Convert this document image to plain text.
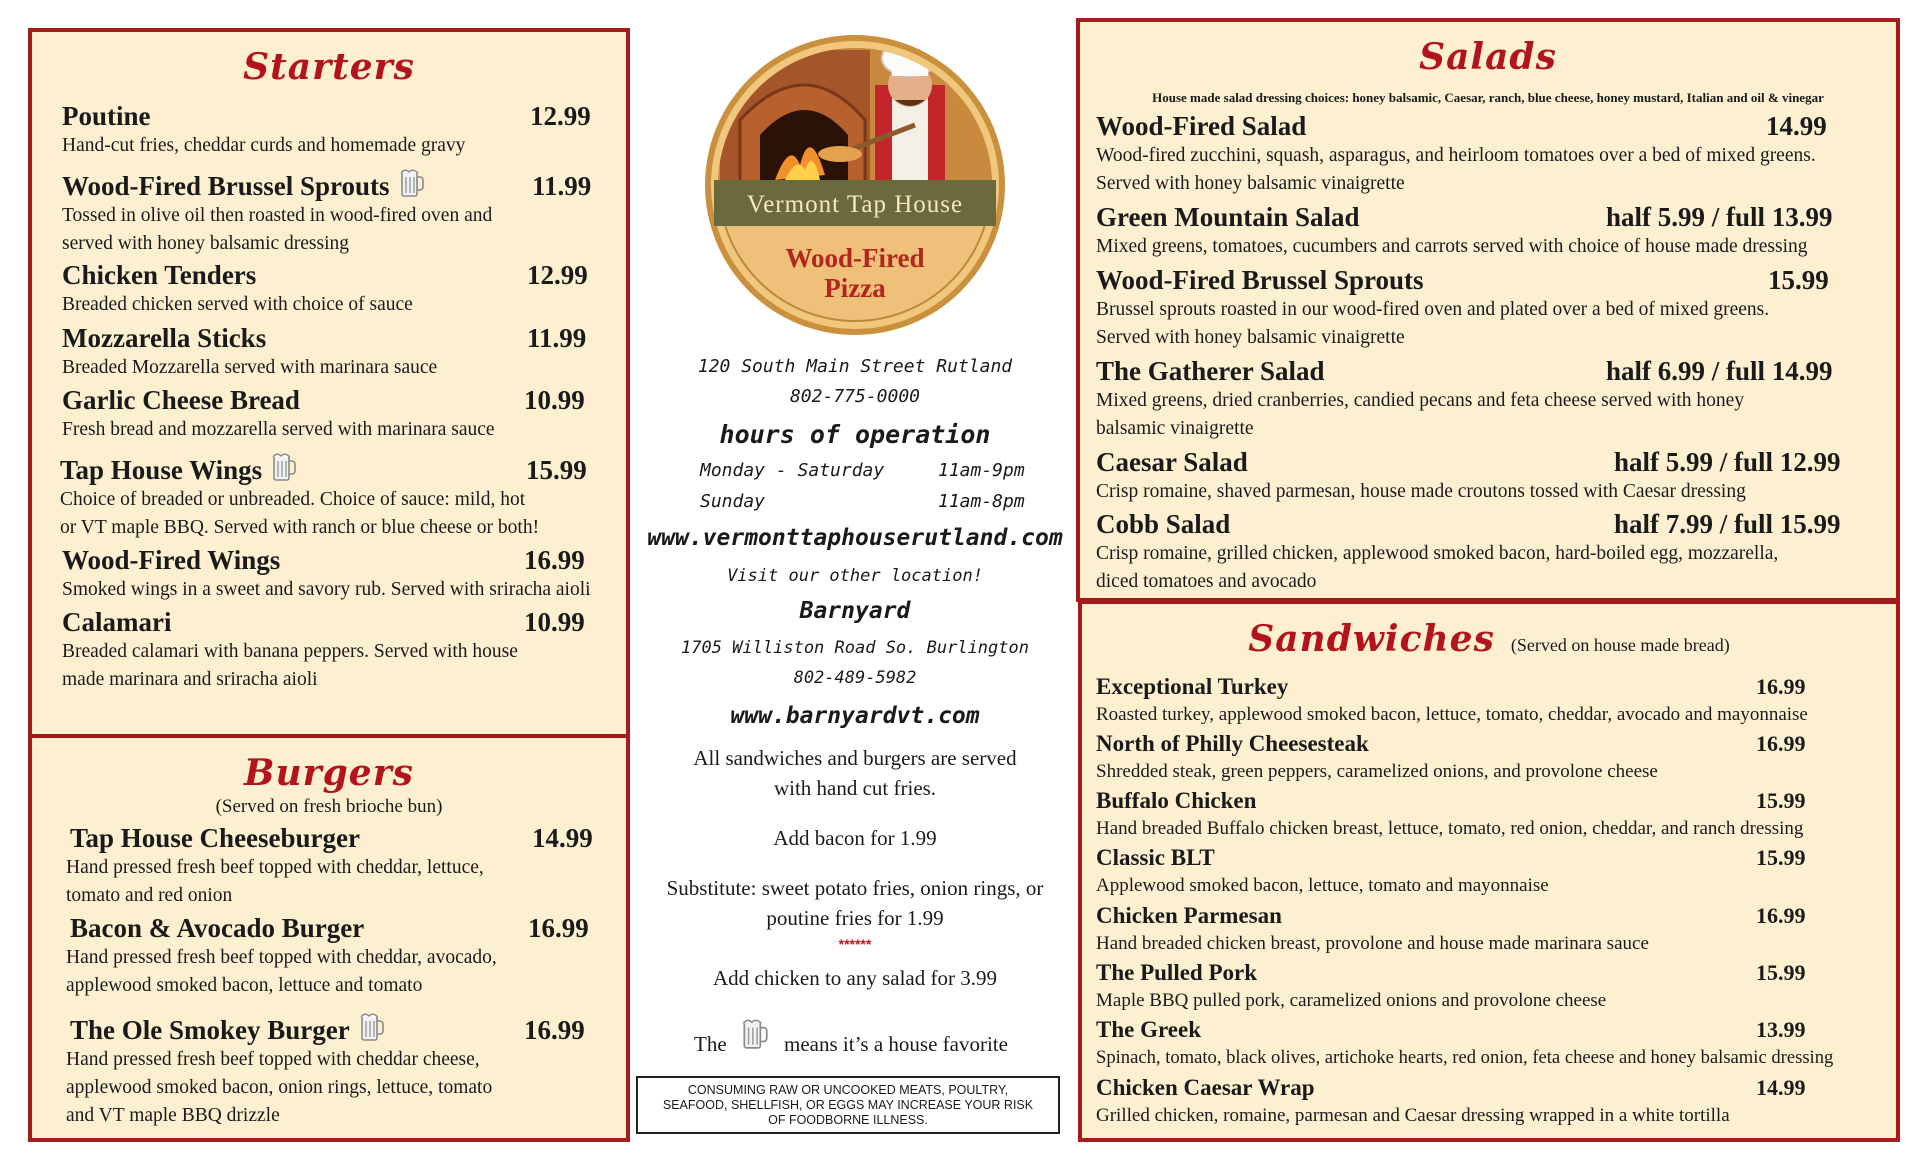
Starters
Poutine	12.99
Hand-cut fries, cheddar curds and homemade gravy
Wood-Fired Brussel Sprouts	11.99
Tossed in olive oil then roasted in wood-fired oven and
served with honey balsamic dressing
Chicken Tenders	12.99
Breaded chicken served with choice of sauce
Mozzarella Sticks	11.99
Breaded Mozzarella served with marinara sauce
Garlic Cheese Bread	10.99
Fresh bread and mozzarella served with marinara sauce
Tap House Wings	15.99
Choice of breaded or unbreaded. Choice of sauce: mild, hot
or VT maple BBQ. Served with ranch or blue cheese or both!
Wood-Fired Wings	16.99
Smoked wings in a sweet and savory rub. Served with sriracha aioli
Calamari	10.99
Breaded calamari with banana peppers. Served with house
made marinara and sriracha aioli
Burgers
(Served on fresh brioche bun)
Tap House Cheeseburger	14.99
Hand pressed fresh beef topped with cheddar, lettuce,
tomato and red onion
Bacon & Avocado Burger	16.99
Hand pressed fresh beef topped with cheddar, avocado,
applewood smoked bacon, lettuce and tomato
The Ole Smokey Burger	16.99
Hand pressed fresh beef topped with cheddar cheese,
applewood smoked bacon, onion rings, lettuce, tomato
and VT maple BBQ drizzle
Vermont Tap House
Wood-Fired
Pizza
120 South Main Street Rutland
802-775-0000
hours of operation
Monday - Saturday	11am-9pm
Sunday	11am-8pm
www.vermonttaphouserutland.com
Visit our other location!
Barnyard
1705 Williston Road So. Burlington
802-489-5982
www.barnyardvt.com
All sandwiches and burgers are served
with hand cut fries.
Add bacon for 1.99
Substitute: sweet potato fries, onion rings, or
poutine fries for 1.99
******
Add chicken to any salad for 3.99
The	means it’s a house favorite
CONSUMING RAW OR UNCOOKED MEATS, POULTRY,
SEAFOOD, SHELLFISH, OR EGGS MAY INCREASE YOUR RISK
OF FOODBORNE ILLNESS.
Salads
House made salad dressing choices: honey balsamic, Caesar, ranch, blue cheese, honey mustard, Italian and oil & vinegar
Wood-Fired Salad	14.99
Wood-fired zucchini, squash, asparagus, and heirloom tomatoes over a bed of mixed greens.
Served with honey balsamic vinaigrette
Green Mountain Salad	half 5.99 / full 13.99
Mixed greens, tomatoes, cucumbers and carrots served with choice of house made dressing
Wood-Fired Brussel Sprouts	15.99
Brussel sprouts roasted in our wood-fired oven and plated over a bed of mixed greens.
Served with honey balsamic vinaigrette
The Gatherer Salad	half 6.99 / full 14.99
Mixed greens, dried cranberries, candied pecans and feta cheese served with honey
balsamic vinaigrette
Caesar Salad	half 5.99 / full 12.99
Crisp romaine, shaved parmesan, house made croutons tossed with Caesar dressing
Cobb Salad	half 7.99 / full 15.99
Crisp romaine, grilled chicken, applewood smoked bacon, hard-boiled egg, mozzarella,
diced tomatoes and avocado
Sandwiches (Served on house made bread)
Exceptional Turkey	16.99
Roasted turkey, applewood smoked bacon, lettuce, tomato, cheddar, avocado and mayonnaise
North of Philly Cheesesteak	16.99
Shredded steak, green peppers, caramelized onions, and provolone cheese
Buffalo Chicken	15.99
Hand breaded Buffalo chicken breast, lettuce, tomato, red onion, cheddar, and ranch dressing
Classic BLT	15.99
Applewood smoked bacon, lettuce, tomato and mayonnaise
Chicken Parmesan	16.99
Hand breaded chicken breast, provolone and house made marinara sauce
The Pulled Pork	15.99
Maple BBQ pulled pork, caramelized onions and provolone cheese
The Greek	13.99
Spinach, tomato, black olives, artichoke hearts, red onion, feta cheese and honey balsamic dressing
Chicken Caesar Wrap	14.99
Grilled chicken, romaine, parmesan and Caesar dressing wrapped in a white tortilla
